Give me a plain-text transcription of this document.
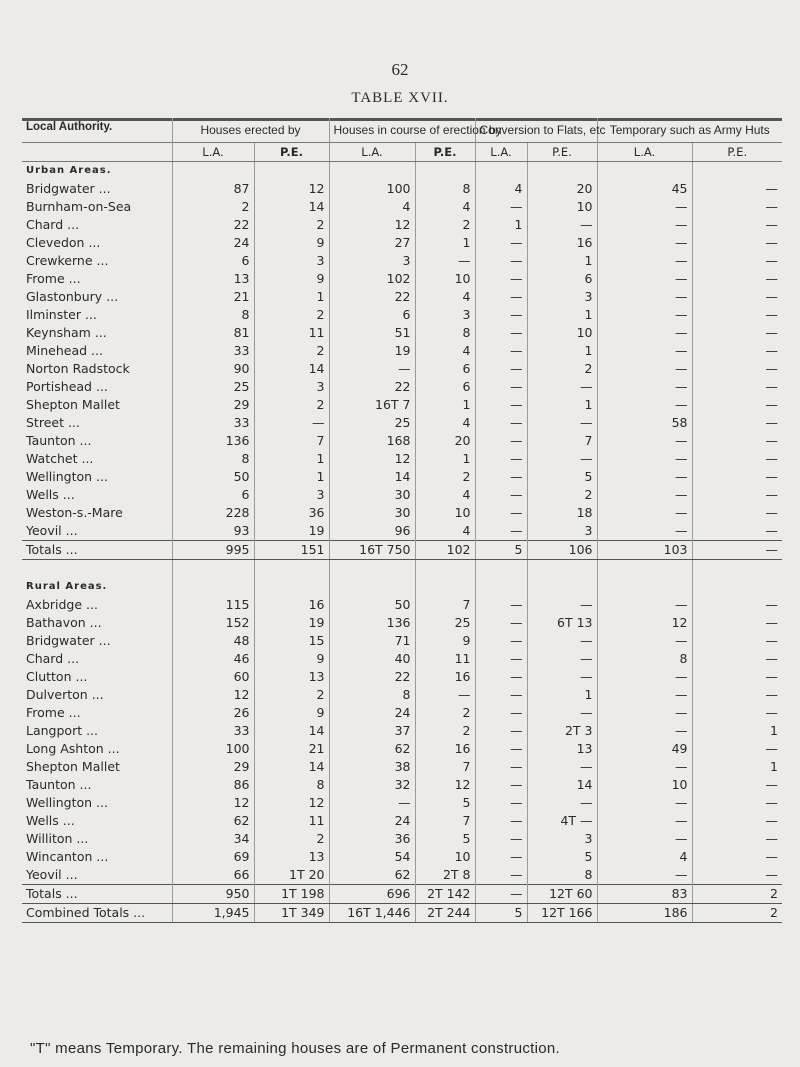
62
TABLE XVII.
Local Authority.	Houses erected by		Houses in course of erection by		Conversion to Flats, etc		Temporary such as Army Huts	
	L.A.	P.E.	L.A.	P.E.	L.A.	P.E.	L.A.	P.E.
Urban Areas.								
Bridgwater ...	87	12	100	8	4	20	45	—
Burnham-on-Sea	2	14	4	4	—	10	—	—
Chard ...	22	2	12	2	1	—	—	—
Clevedon ...	24	9	27	1	—	16	—	—
Crewkerne ...	6	3	3	—	—	1	—	—
Frome ...	13	9	102	10	—	6	—	—
Glastonbury ...	21	1	22	4	—	3	—	—
Ilminster ...	8	2	6	3	—	1	—	—
Keynsham ...	81	11	51	8	—	10	—	—
Minehead ...	33	2	19	4	—	1	—	—
Norton Radstock	90	14	—	6	—	2	—	—
Portishead ...	25	3	22	6	—	—	—	—
Shepton Mallet	29	2	16T 7	1	—	1	—	—
Street ...	33	—	25	4	—	—	58	—
Taunton ...	136	7	168	20	—	7	—	—
Watchet ...	8	1	12	1	—	—	—	—
Wellington ...	50	1	14	2	—	5	—	—
Wells ...	6	3	30	4	—	2	—	—
Weston-s.-Mare	228	36	30	10	—	18	—	—
Yeovil ...	93	19	96	4	—	3	—	—
Totals ...	995	151	16T 750	102	5	106	103	—

Rural Areas.								
Axbridge ...	115	16	50	7	—	—	—	—
Bathavon ...	152	19	136	25	—	6T 13	12	—
Bridgwater ...	48	15	71	9	—	—	—	—
Chard ...	46	9	40	11	—	—	8	—
Clutton ...	60	13	22	16	—	—	—	—
Dulverton ...	12	2	8	—	—	1	—	—
Frome ...	26	9	24	2	—	—	—	—
Langport ...	33	14	37	2	—	2T 3	—	1
Long Ashton ...	100	21	62	16	—	13	49	—
Shepton Mallet	29	14	38	7	—	—	—	1
Taunton ...	86	8	32	12	—	14	10	—
Wellington ...	12	12	—	5	—	—	—	—
Wells ...	62	11	24	7	—	4T —	—	—
Williton ...	34	2	36	5	—	3	—	—
Wincanton ...	69	13	54	10	—	5	4	—
Yeovil ...	66	1T 20	62	2T 8	—	8	—	—
Totals ...	950	1T 198	696	2T 142	—	12T 60	83	2
Combined Totals ...	1,945	1T 349	16T 1,446	2T 244	5	12T 166	186	2
"T" means Temporary. The remaining houses are of Permanent construction.
